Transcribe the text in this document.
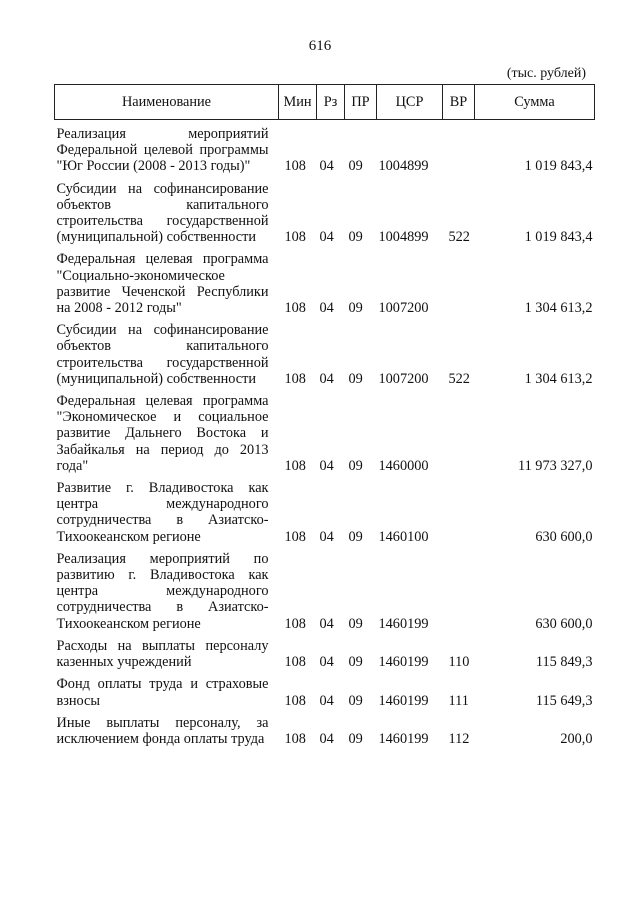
616
(тыс. рублей)
Наименование	Мин	Рз	ПР	ЦСР	ВР	Сумма
Реализация мероприятий Федеральной целевой программы "Юг России (2008 - 2013 годы)"	108	04	09	1004899		1 019 843,4
Субсидии на софинансирование объектов капитального строительства государственной (муниципальной) собственности	108	04	09	1004899	522	1 019 843,4
Федеральная целевая программа "Социально-экономическое развитие Чеченской Республики на 2008 - 2012 годы"	108	04	09	1007200		1 304 613,2
Субсидии на софинансирование объектов капитального строительства государственной (муниципальной) собственности	108	04	09	1007200	522	1 304 613,2
Федеральная целевая программа "Экономическое и социальное развитие Дальнего Востока и Забайкалья на период до 2013 года"	108	04	09	1460000		11 973 327,0
Развитие г. Владивостока как центра международного сотрудничества в Азиатско-Тихоокеанском регионе	108	04	09	1460100		630 600,0
Реализация мероприятий по развитию г. Владивостока как центра международного сотрудничества в Азиатско-Тихоокеанском регионе	108	04	09	1460199		630 600,0
Расходы на выплаты персоналу казенных учреждений	108	04	09	1460199	110	115 849,3
Фонд оплаты труда и страховые взносы	108	04	09	1460199	111	115 649,3
Иные выплаты персоналу, за исключением фонда оплаты труда	108	04	09	1460199	112	200,0
